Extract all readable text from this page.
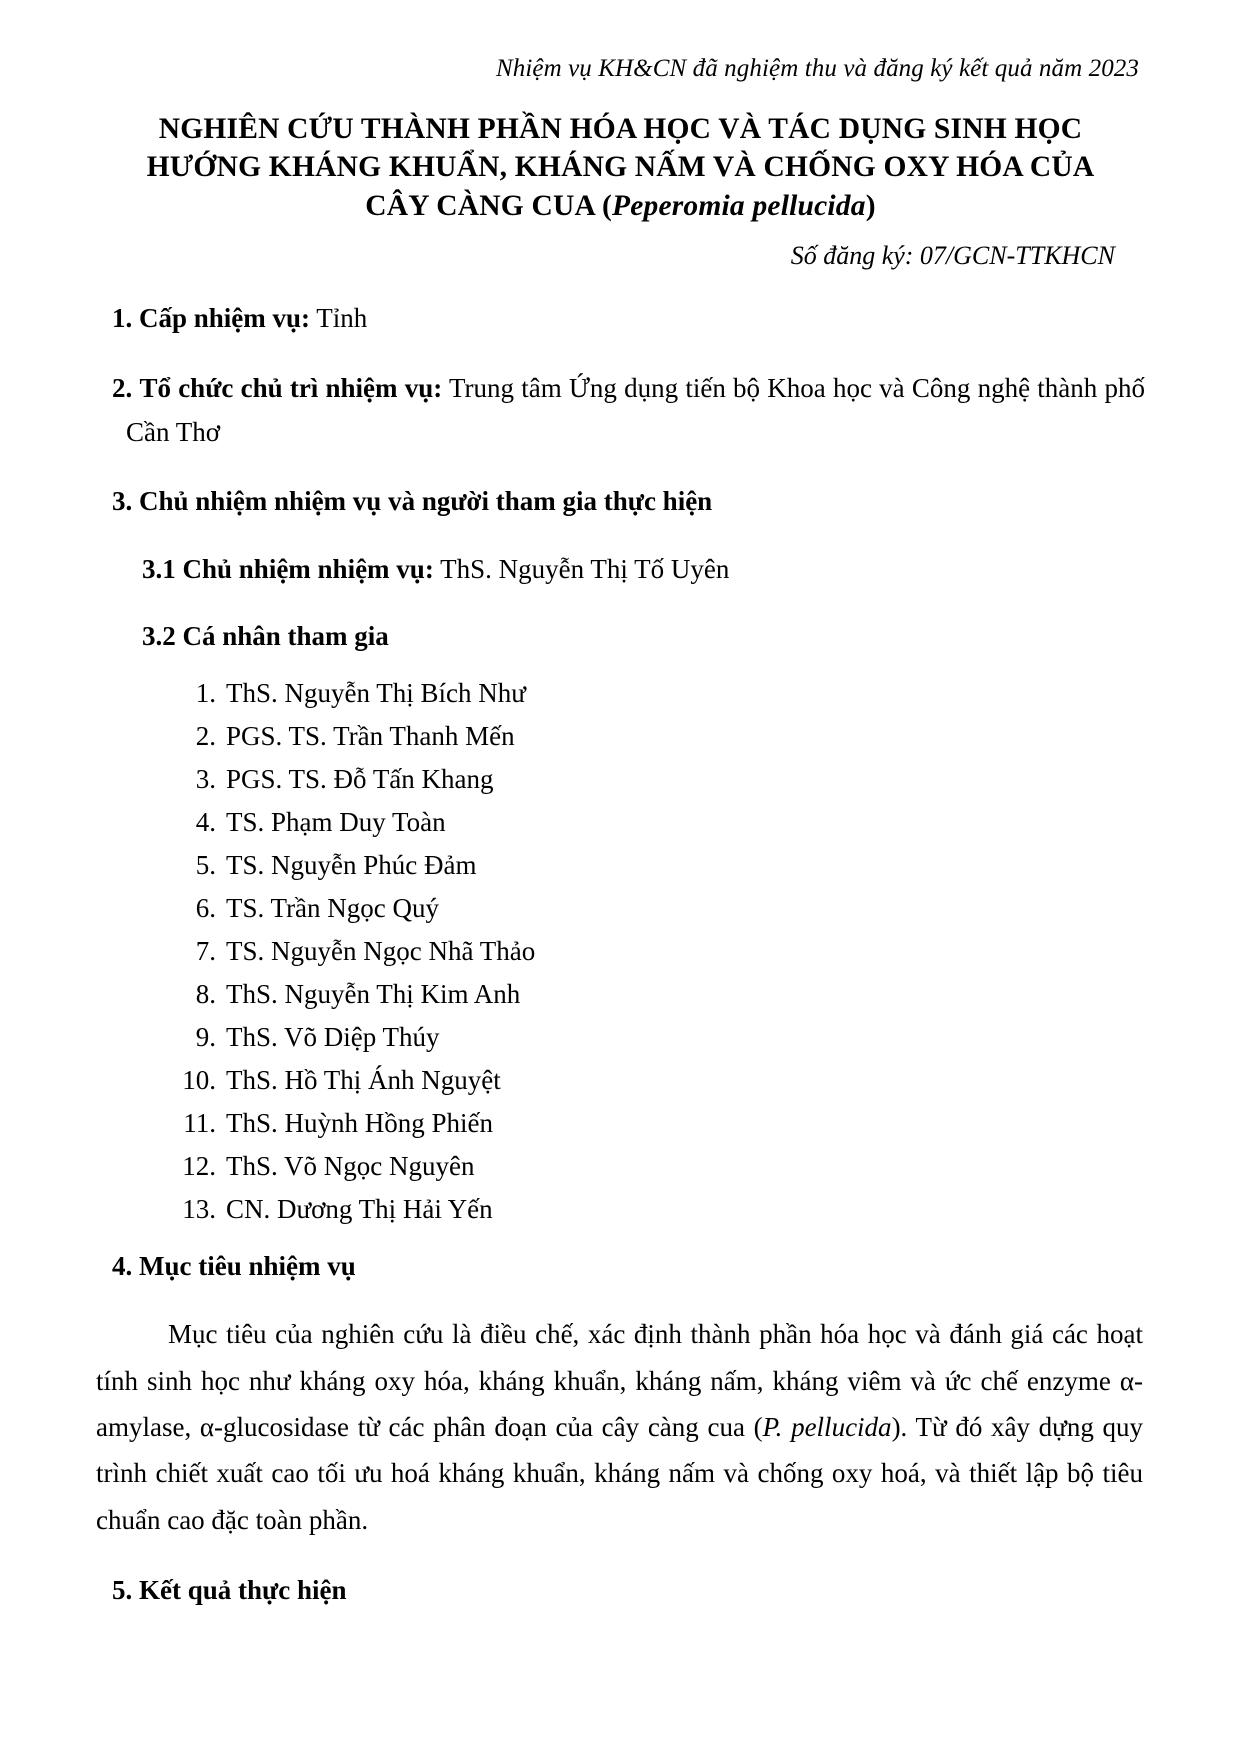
Nhiệm vụ KH&CN đã nghiệm thu và đăng ký kết quả năm 2023
NGHIÊN CỨU THÀNH PHẦN HÓA HỌC VÀ TÁC DỤNG SINH HỌC
HƯỚNG KHÁNG KHUẨN, KHÁNG NẤM VÀ CHỐNG OXY HÓA CỦA
CÂY CÀNG CUA (Peperomia pellucida)
Số đăng ký: 07/GCN-TTKHCN
1. Cấp nhiệm vụ: Tỉnh
2. Tổ chức chủ trì nhiệm vụ: Trung tâm Ứng dụng tiến bộ Khoa học và Công nghệ thành phố Cần Thơ
3. Chủ nhiệm nhiệm vụ và người tham gia thực hiện
3.1 Chủ nhiệm nhiệm vụ: ThS. Nguyễn Thị Tố Uyên
3.2 Cá nhân tham gia
1. ThS. Nguyễn Thị Bích Như
2. PGS. TS. Trần Thanh Mến
3. PGS. TS. Đỗ Tấn Khang
4. TS. Phạm Duy Toàn
5. TS. Nguyễn Phúc Đảm
6. TS. Trần Ngọc Quý
7. TS. Nguyễn Ngọc Nhã Thảo
8. ThS. Nguyễn Thị Kim Anh
9. ThS. Võ Diệp Thúy
10. ThS. Hồ Thị Ánh Nguyệt
11. ThS. Huỳnh Hồng Phiến
12. ThS. Võ Ngọc Nguyên
13. CN. Dương Thị Hải Yến
4. Mục tiêu nhiệm vụ
Mục tiêu của nghiên cứu là điều chế, xác định thành phần hóa học và đánh giá các hoạt tính sinh học như kháng oxy hóa, kháng khuẩn, kháng nấm, kháng viêm và ức chế enzyme α-amylase, α-glucosidase từ các phân đoạn của cây càng cua (P. pellucida). Từ đó xây dựng quy trình chiết xuất cao tối ưu hoá kháng khuẩn, kháng nấm và chống oxy hoá, và thiết lập bộ tiêu chuẩn cao đặc toàn phần.
5. Kết quả thực hiện
